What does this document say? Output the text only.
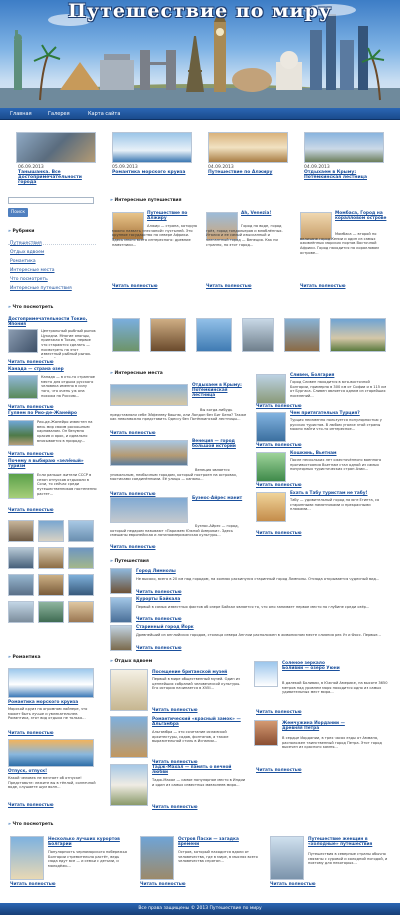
Путешествие по миру
Главная	Галерея	Карта сайта
06.09.2013
Танышанка. Все достопримечательности города
05.09.2013
Романтика морского круиза
04.09.2013
Путешествие по Алжиру
04.09.2013
Отдыхаем в Крыму: Потёмкинская лестница
Поиск
» Рубрики
Путешествия
Отдых вдвоем
Романтика
Интересные места
Что посмотреть
Интересные путешествия
» Что посмотреть
Достопримечательности Токио, Япония
Центральный рыбный рынок Цукидзи. Многие японцы, приезжая в Токио, первое что стараются сделать — посмотреть на этот известный рыбный рынок.
Читать полностью
Канада — страна озер
Канада — в кто-то странное место для отдыха русского человека именно в силу того, что очень уж она похожа на Россию...
Читать полностью
Гуляем по Рио-де-Жанейро
Рио-де-Жанейро известен на весь мир своим роскошным карнавалом. Он безумно красив и ярок, и идеально вписывается в природу...
Читать полностью
Почему я выбираю «зелёный» туризм
Если раньше жители СССР в сезон отпусков отдыхали в Сочи, то сейчас среди путешественников постепенно растет...
Читать полностью
» Романтика
Романтика морского круиза
Морской круиз на огромном лайнере, что может быть лучше и увлекательнее. Романтика, этот вид отдыха не только...
Читать полностью
Отпуск, отпуск!
Какой человек не мечтает об отпуске! Представьте: лежите вы в тёплой, солнечной воде, слушаете шум волн...
Читать полностью
» Интересные путешествия
Путешествие по Алжиру
Алжир — страна, которую можно назвать «песчаной» пустыней. Это крупное государство на севере Африки. Здесь много всего интересного: древние памятники...
Читать полностью
Ah, Venezia!
Город на воде, город грёз, город гондольеров и влюблённых. Италия и ее самый изысканный и элегантный город — Венеция. Как ни странно, но этот город...
Читать полностью
Момбаса, Город на коралловом острове
Момбаса — второй по величине город Кении и один из самых оживлённых морских портов Восточной Африки. Город находится на коралловом острове...
Читать полностью
» Интересные места
Отдыхаем в Крыму: Потёмкинская лестница
Вы когда-нибудь представляли себе Эйфелеву башню, или Лондон без Биг Бена? Также как невозможно представить Одессу без Потёмкинской лестницы...
Читать полностью
Венеция — город большой истории
Венеция является уникальным, необычным городом, который построен на островах, мостиками соединёнными. Её улицы — каналы...
Читать полностью
Буэнос-Айрес манит
Буэнос-Айрес — город, который недаром называют «Парижем Южной Америки». Здесь смешаны европейская и латиноамериканская культуры...
Читать полностью
Сливен, Болгария
Город Сливен находится в юго-восточной Болгарии, примерно в 300 км от Софии и в 115 км от Бургаса. Сливен является одним из старейших поселений...
Читать полностью
Чем притягательна Турция?
Турция неизменно пользуется популярностью у русских туристов. В любом уголке этой страны можно найти что-то интересное...
Читать полностью
Кошкинь, Вьетнам
После нескольких лет ожесточённого военного противостояния Вьетнам стал одной из самых популярных туристических стран Азии...
Читать полностью
Ехать в Табу туристам не табу!
Табу — удивительный город на юге Египта, со старинными памятниками и прекрасными пляжами...
Читать полностью
» Путешествия
Город Лимнолы
Не высоко, всего в 20 км над городом, на холмах раскинулся старинный город Лимнолы. Отсюда открывается чудесный вид...
Читать полностью
Курорты Байкала
Первый в самых известных фактов об озере Байкал является то, что оно занимает первое место по глубине среди озёр...
Читать полностью
Старинный город Йорк
Древнейший из английских городов, столица севера Англии расположен в живописном месте слияния рек Уз и Фосс. Первые...
Читать полностью
» Отдых вдвоем
Посещение британской музей
Первый в мире общественный музей. Один из ценнейших собраний человеческой культуры. Его история начинается в XVIII...
Читать полностью
Романтический «красный замок» — Альгамбра
Альгамбра — это сочетание исламской архитектуры, садов, фонтанов, а также выразительной стиль в Испании...
Читать полностью
Тадж-Махал — память о вечной любви
Тадж-Махал — самое популярное место в Индии и один из самых известных мавзолеев мира...
Читать полностью
Соленое зеркало Боливии — озеро Уюни
В далекой Боливии, в Южной Америке, на высоте 3650 метров над уровнем моря находится одно из самых удивительных мест мира...
Читать полностью
Жемчужина Иордании — древняя Петра
В сердце Иордании, в трех часах езды от Аммана, расположен таинственный город Петра. Этот город высечен из красного камня...
Читать полностью
» Что посмотреть
Несколько лучших курортов Болгарии
Популярность черноморского побережья Болгарии стремительно растёт, ведь сюда едут все — и семьи с детьми, и молодёжь...
Читать полностью
Остров Пасхи — загадка времени
Остров, который находится вдали от человечества, где в мире, в мыслях всего человечества спрятан...
Читать полностью
Путешествие женщин в «холодные» путешествия
Путешествия в северные страны обычно связаны с суровой и холодной погодой, и поэтому для некоторых...
Читать полностью
Все права защищены © 2013 Путешествие по миру
